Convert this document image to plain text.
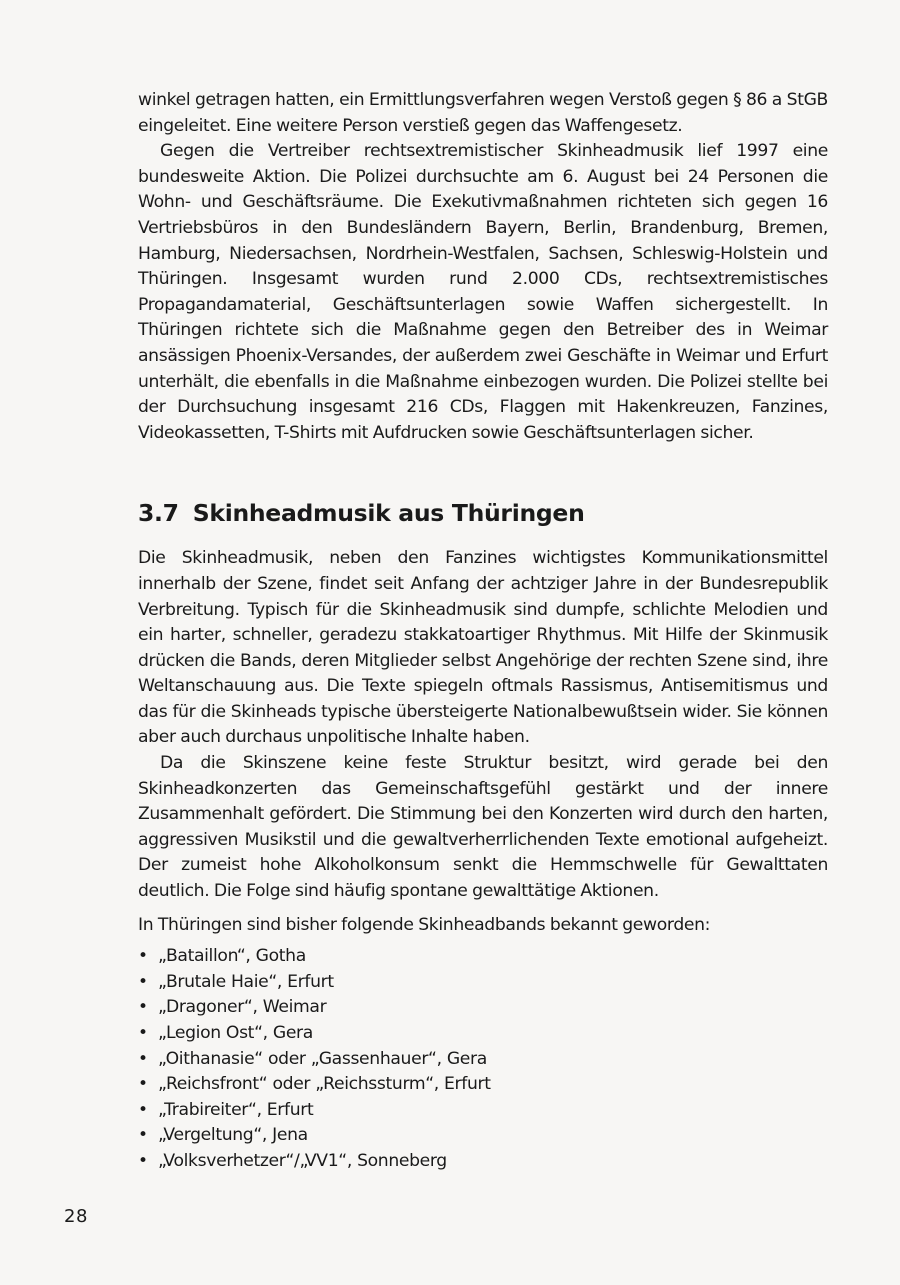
winkel getragen hatten, ein Ermittlungsverfahren wegen Verstoß gegen § 86 a StGB eingeleitet. Eine weitere Person verstieß gegen das Waffengesetz.

Gegen die Vertreiber rechtsextremistischer Skinheadmusik lief 1997 eine bundesweite Aktion. Die Polizei durchsuchte am 6. August bei 24 Personen die Wohn- und Geschäftsräume. Die Exekutivmaßnahmen richteten sich gegen 16 Vertriebsbüros in den Bundesländern Bayern, Berlin, Brandenburg, Bremen, Hamburg, Niedersachsen, Nordrhein-Westfalen, Sachsen, Schleswig-Holstein und Thüringen. Insgesamt wurden rund 2.000 CDs, rechtsextremistisches Propagandamaterial, Geschäftsunterlagen sowie Waffen sichergestellt. In Thüringen richtete sich die Maßnahme gegen den Betreiber des in Weimar ansässigen Phoenix-Versandes, der außerdem zwei Geschäfte in Weimar und Erfurt unterhält, die ebenfalls in die Maßnahme einbezogen wurden. Die Polizei stellte bei der Durchsuchung insgesamt 216 CDs, Flaggen mit Hakenkreuzen, Fanzines, Videokassetten, T-Shirts mit Aufdrucken sowie Geschäftsunterlagen sicher.

3.7 Skinheadmusik aus Thüringen

Die Skinheadmusik, neben den Fanzines wichtigstes Kommunikationsmittel innerhalb der Szene, findet seit Anfang der achtziger Jahre in der Bundesrepublik Verbreitung. Typisch für die Skinheadmusik sind dumpfe, schlichte Melodien und ein harter, schneller, geradezu stakkatoartiger Rhythmus. Mit Hilfe der Skinmusik drücken die Bands, deren Mitglieder selbst Angehörige der rechten Szene sind, ihre Weltanschauung aus. Die Texte spiegeln oftmals Rassismus, Antisemitismus und das für die Skinheads typische übersteigerte Nationalbewußtsein wider. Sie können aber auch durchaus unpolitische Inhalte haben.

Da die Skinszene keine feste Struktur besitzt, wird gerade bei den Skinheadkonzerten das Gemeinschaftsgefühl gestärkt und der innere Zusammenhalt gefördert. Die Stimmung bei den Konzerten wird durch den harten, aggressiven Musikstil und die gewaltverherrlichenden Texte emotional aufgeheizt. Der zumeist hohe Alkoholkonsum senkt die Hemmschwelle für Gewalttaten deutlich. Die Folge sind häufig spontane gewalttätige Aktionen.

In Thüringen sind bisher folgende Skinheadbands bekannt geworden:

• „Bataillon“, Gotha
• „Brutale Haie“, Erfurt
• „Dragoner“, Weimar
• „Legion Ost“, Gera
• „Oithanasie“ oder „Gassenhauer“, Gera
• „Reichsfront“ oder „Reichssturm“, Erfurt
• „Trabireiter“, Erfurt
• „Vergeltung“, Jena
• „Volksverhetzer“/„VV1“, Sonneberg
28
